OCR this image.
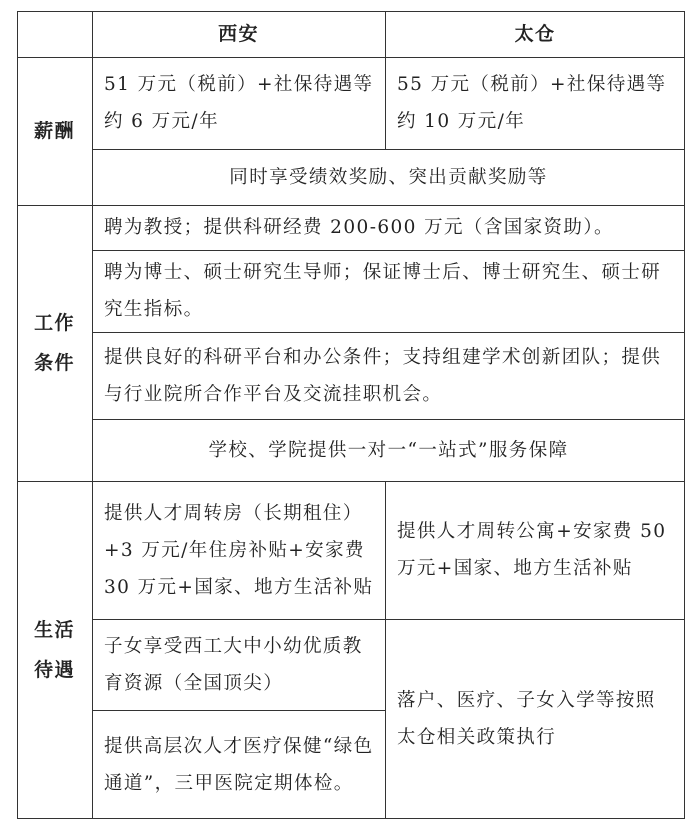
西安	太仓
薪酬
51 万元（税前）+社保待遇等约 6 万元/年
55 万元（税前）+社保待遇等约 10 万元/年
同时享受绩效奖励、突出贡献奖励等
工作条件
聘为教授；提供科研经费 200-600 万元（含国家资助）。
聘为博士、硕士研究生导师；保证博士后、博士研究生、硕士研究生指标。
提供良好的科研平台和办公条件；支持组建学术创新团队；提供与行业院所合作平台及交流挂职机会。
学校、学院提供一对一“一站式”服务保障
生活待遇
提供人才周转房（长期租住）+3 万元/年住房补贴+安家费 30 万元+国家、地方生活补贴
提供人才周转公寓+安家费 50 万元+国家、地方生活补贴
子女享受西工大中小幼优质教育资源（全国顶尖）
提供高层次人才医疗保健“绿色通道”，三甲医院定期体检。
落户、医疗、子女入学等按照太仓相关政策执行
